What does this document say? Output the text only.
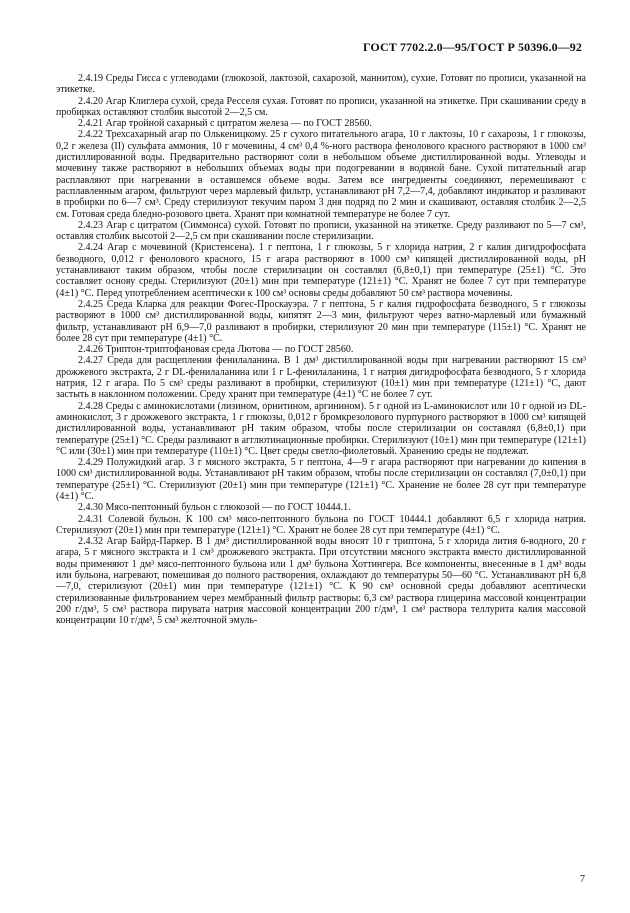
ГОСТ 7702.2.0—95/ГОСТ Р 50396.0—92

2.4.19 Среды Гисса с углеводами (глюкозой, лактозой, сахарозой, маннитом), сухие. Готовят по прописи, указанной на этикетке.

2.4.20 Агар Клиглера сухой, среда Ресселя сухая. Готовят по прописи, указанной на этикетке. При скашивании среду в пробирках оставляют столбик высотой 2—2,5 см.

2.4.21 Агар тройной сахарный с цитратом железа — по ГОСТ 28560.

2.4.22 Трехсахарный агар по Олькеницкому. 25 г сухого питательного агара, 10 г лактозы, 10 г сахарозы, 1 г глюкозы, 0,2 г железа (II) сульфата аммония, 10 г мочевины, 4 см³ 0,4 %-ного раствора фенолового красного растворяют в 1000 см³ дистиллированной воды. Предварительно растворяют соли в небольшом объеме дистиллированной воды. Углеводы и мочевину также растворяют в небольших объемах воды при подогревании в водяной бане. Сухой питательный агар расплавляют при нагревании в оставшемся объеме воды. Затем все ингредиенты соединяют, перемешивают с расплавленным агаром, фильтруют через марлевый фильтр, устанавливают pH 7,2—7,4, добавляют индикатор и разливают в пробирки по 6—7 см³. Среду стерилизуют текучим паром 3 дня подряд по 2 мин и скашивают, оставляя столбик 2—2,5 см. Готовая среда бледно-розового цвета. Хранят при комнатной температуре не более 7 сут.

2.4.23 Агар с цитратом (Симмонса) сухой. Готовят по прописи, указанной на этикетке. Среду разливают по 5—7 см³, оставляя столбик высотой 2—2,5 см при скашивании после стерилизации.

2.4.24 Агар с мочевиной (Кристенсена). 1 г пептона, 1 г глюкозы, 5 г хлорида натрия, 2 г калия дигидрофосфата безводного, 0,012 г фенолового красного, 15 г агара растворяют в 1000 см³ кипящей дистиллированной воды, pH устанавливают таким образом, чтобы после стерилизации он составлял (6,8±0,1) при температуре (25±1) °C. Это составляет основу среды. Стерилизуют (20±1) мин при температуре (121±1) °C. Хранят не более 7 сут при температуре (4±1) °C. Перед употреблением асептически к 100 см³ основы среды добавляют 50 см³ раствора мочевины.

2.4.25 Среда Кларка для реакции Фогес-Проскауэра. 7 г пептона, 5 г калия гидрофосфата безводного, 5 г глюкозы растворяют в 1000 см³ дистиллированной воды, кипятят 2—3 мин, фильтруют через ватно-марлевый или бумажный фильтр, устанавливают pH 6,9—7,0 разливают в пробирки, стерилизуют 20 мин при температуре (115±1) °C. Хранят не более 28 сут при температуре (4±1) °C.

2.4.26 Триптон-триптофановая среда Лютова — по ГОСТ 28560.

2.4.27 Среда для расщепления фенилаланина. В 1 дм³ дистиллированной воды при нагревании растворяют 15 см³ дрожжевого экстракта, 2 г DL-фенилаланина или 1 г L-фенилаланина, 1 г натрия дигидрофосфата безводного, 5 г хлорида натрия, 12 г агара. По 5 см³ среды разливают в пробирки, стерилизуют (10±1) мин при температуре (121±1) °C, дают застыть в наклонном положении. Среду хранят при температуре (4±1) °C не более 7 сут.

2.4.28 Среды с аминокислотами (лизином, орнитином, аргинином). 5 г одной из L-аминокислот или 10 г одной из DL-аминокислот, 3 г дрожжевого экстракта, 1 г глюкозы, 0,012 г бромкрезолового пурпурного растворяют в 1000 см³ кипящей дистиллированной воды, устанавливают pH таким образом, чтобы после стерилизации он составлял (6,8±0,1) при температуре (25±1) °C. Среды разливают в агглютинационные пробирки. Стерилизуют (10±1) мин при температуре (121±1) °C или (30±1) мин при температуре (110±1) °C. Цвет среды светло-фиолетовый. Хранению среды не подлежат.

2.4.29 Полужидкий агар. 3 г мясного экстракта, 5 г пептона, 4—9 г агара растворяют при нагревании до кипения в 1000 см³ дистиллированной воды. Устанавливают pH таким образом, чтобы после стерилизации он составлял (7,0±0,1) при температуре (25±1) °C. Стерилизуют (20±1) мин при температуре (121±1) °C. Хранение не более 28 сут при температуре (4±1) °C.

2.4.30 Мясо-пептонный бульон с глюкозой — по ГОСТ 10444.1.

2.4.31 Солевой бульон. К 100 см³ мясо-пептонного бульона по ГОСТ 10444.1 добавляют 6,5 г хлорида натрия. Стерилизуют (20±1) мин при температуре (121±1) °C. Хранят не более 28 сут при температуре (4±1) °C.

2.4.32 Агар Байрд-Паркер. В 1 дм³ дистиллированной воды вносят 10 г триптона, 5 г хлорида лития 6-водного, 20 г агара, 5 г мясного экстракта и 1 см³ дрожжевого экстракта. При отсутствии мясного экстракта вместо дистиллированной воды применяют 1 дм³ мясо-пептонного бульона или 1 дм³ бульона Хоттингера. Все компоненты, внесенные в 1 дм³ воды или бульона, нагревают, помешивая до полного растворения, охлаждают до температуры 50—60 °C. Устанавливают pH 6,8—7,0, стерилизуют (20±1) мин при температуре (121±1) °C. К 90 см³ основной среды добавляют асептически стерилизованные фильтрованием через мембранный фильтр растворы: 6,3 см³ раствора глицерина массовой концентрации 200 г/дм³, 5 см³ раствора пирувата натрия массовой концентрации 200 г/дм³, 1 см³ раствора теллурита калия массовой концентрации 10 г/дм³, 5 см³ желточной эмуль-

7
